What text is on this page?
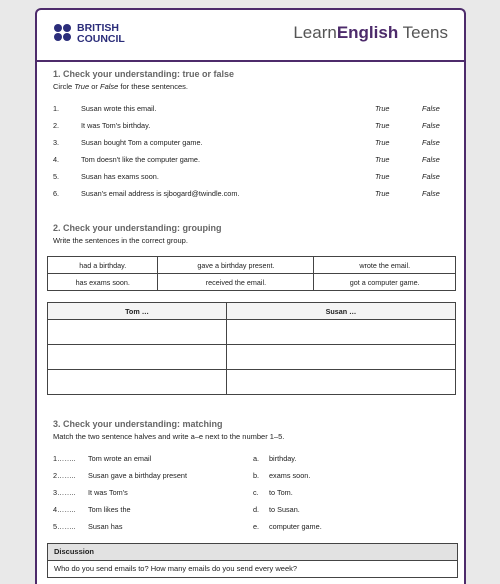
BRITISH
COUNCIL	LearnEnglish Teens
1. Check your understanding: true or false
Circle True or False for these sentences.
1.	Susan wrote this email.	True	False
2.	It was Tom's birthday.	True	False
3.	Susan bought Tom a computer game.	True	False
4.	Tom doesn't like the computer game.	True	False
5.	Susan has exams soon.	True	False
6.	Susan's email address is sjbogard@twindle.com.	True	False
2. Check your understanding: grouping
Write the sentences in the correct group.
had a birthday.	gave a birthday present.	wrote the email.
has exams soon.	received the email.	got a computer game.
Tom …	Susan …

3. Check your understanding: matching
Match the two sentence halves and write a–e next to the number 1–5.
1…….. Tom wrote an email	a. birthday.
2…….. Susan gave a birthday present	b. exams soon.
3…….. It was Tom's	c. to Tom.
4…….. Tom likes the	d. to Susan.
5…….. Susan has	e. computer game.
Discussion
Who do you send emails to? How many emails do you send every week?
